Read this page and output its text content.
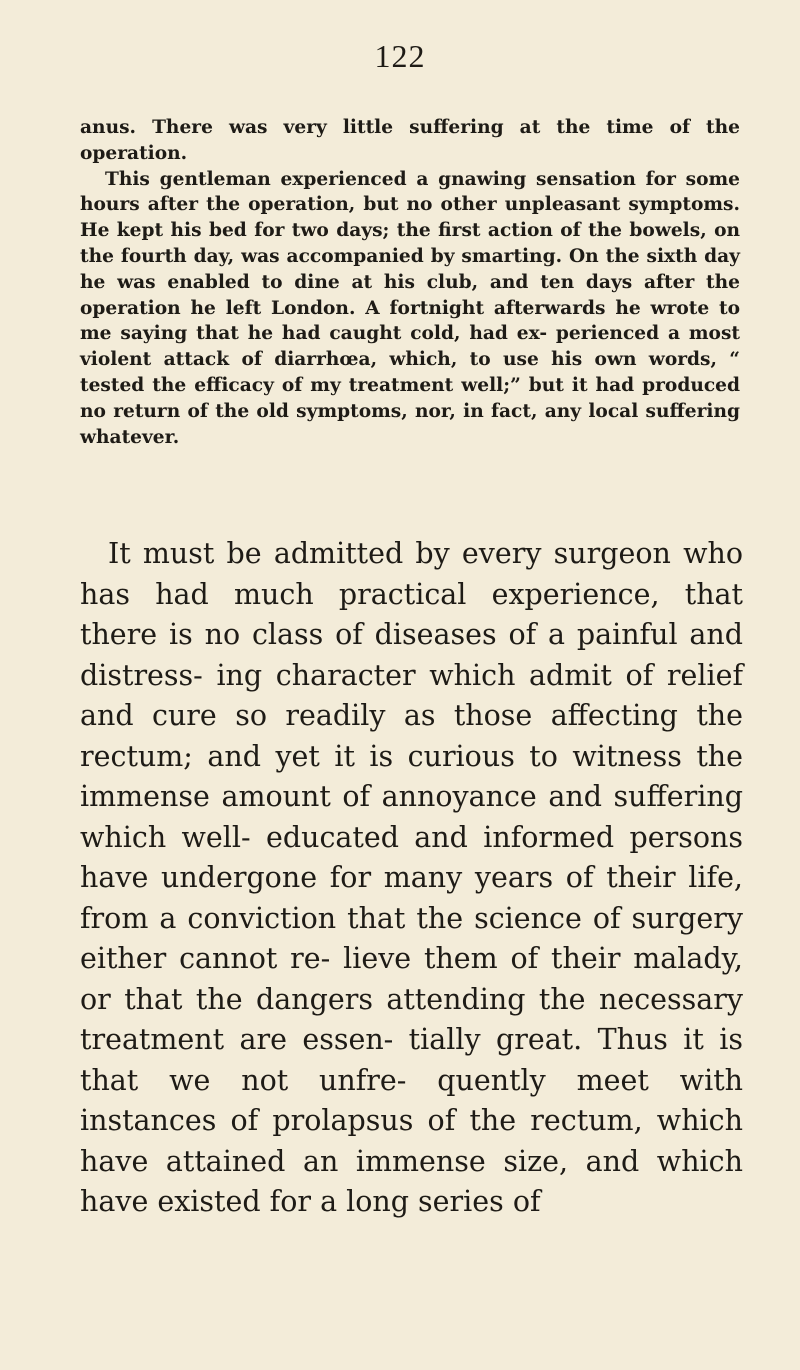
122

anus. There was very little suffering at the time of the operation.

This gentleman experienced a gnawing sensation for some hours after the operation, but no other unpleasant symptoms. He kept his bed for two days; the first action of the bowels, on the fourth day, was accompanied by smarting. On the sixth day he was enabled to dine at his club, and ten days after the operation he left London. A fortnight afterwards he wrote to me saying that he had caught cold, had ex- perienced a most violent attack of diarrhœa, which, to use his own words, “ tested the efficacy of my treatment well;” but it had produced no return of the old symptoms, nor, in fact, any local suffering whatever.

It must be admitted by every surgeon who has had much practical experience, that there is no class of diseases of a painful and distress- ing character which admit of relief and cure so readily as those affecting the rectum; and yet it is curious to witness the immense amount of annoyance and suffering which well- educated and informed persons have undergone for many years of their life, from a conviction that the science of surgery either cannot re- lieve them of their malady, or that the dangers attending the necessary treatment are essen- tially great. Thus it is that we not unfre- quently meet with instances of prolapsus of the rectum, which have attained an immense size, and which have existed for a long series of
